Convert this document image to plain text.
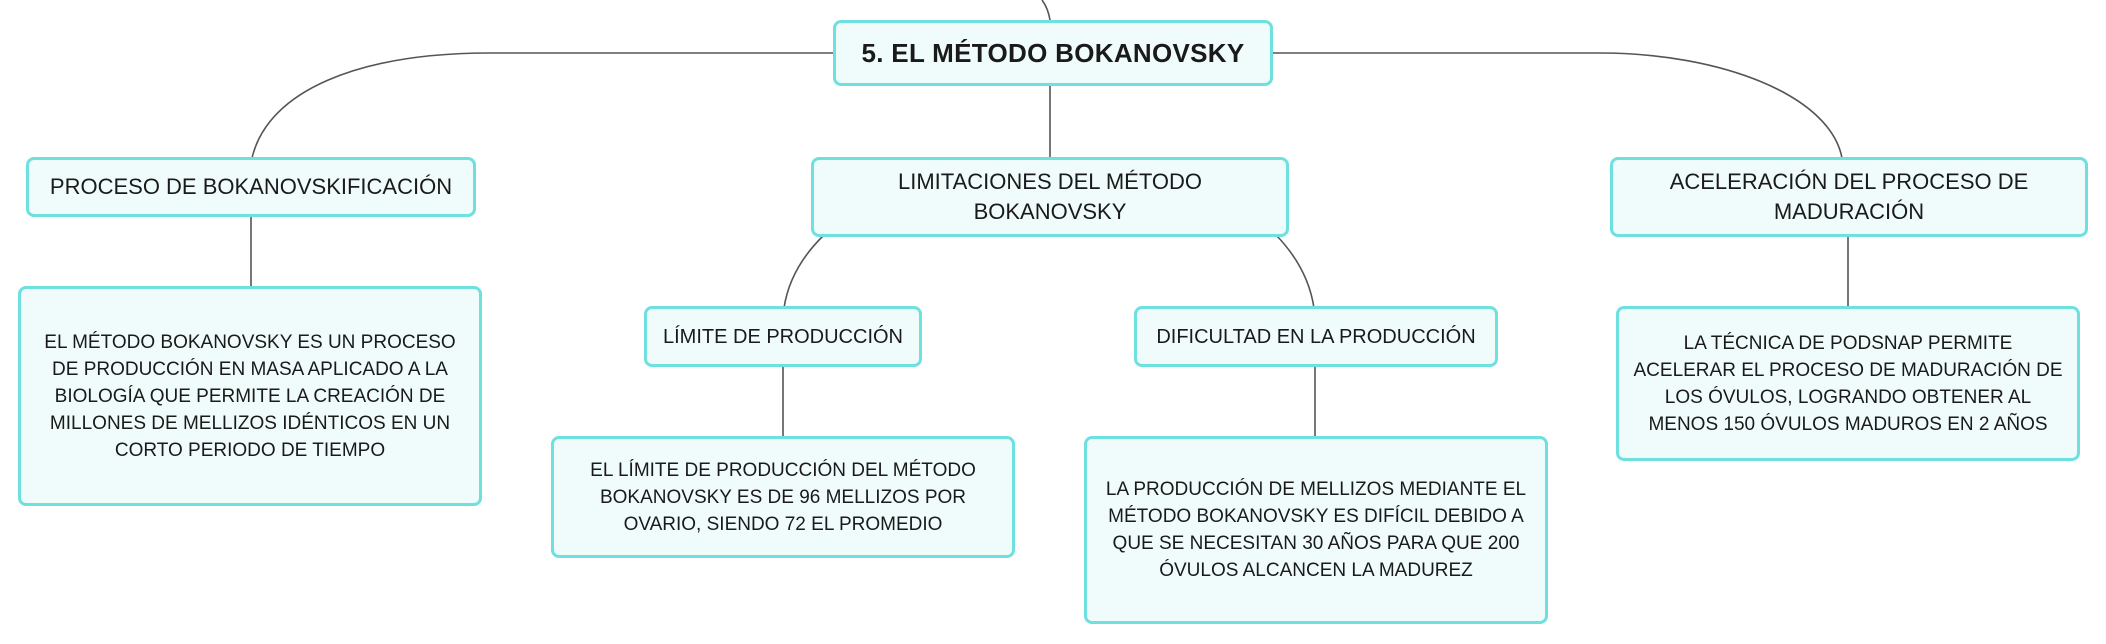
5. EL MÉTODO BOKANOVSKY
PROCESO DE BOKANOVSKIFICACIÓN	LIMITACIONES DEL MÉTODO BOKANOVSKY
ACELERACIÓN DEL PROCESO DE MADURACIÓN
EL MÉTODO BOKANOVSKY ES UN PROCESO DE PRODUCCIÓN EN MASA APLICADO A LA BIOLOGÍA QUE PERMITE LA CREACIÓN DE MILLONES DE MELLIZOS IDÉNTICOS EN UN CORTO PERIODO DE TIEMPO
LÍMITE DE PRODUCCIÓN	DIFICULTAD EN LA PRODUCCIÓN	LA TÉCNICA DE PODSNAP PERMITE ACELERAR EL PROCESO DE MADURACIÓN DE LOS ÓVULOS, LOGRANDO OBTENER AL MENOS 150 ÓVULOS MADUROS EN 2 AÑOS
EL LÍMITE DE PRODUCCIÓN DEL MÉTODO BOKANOVSKY ES DE 96 MELLIZOS POR OVARIO, SIENDO 72 EL PROMEDIO
LA PRODUCCIÓN DE MELLIZOS MEDIANTE EL MÉTODO BOKANOVSKY ES DIFÍCIL DEBIDO A QUE SE NECESITAN 30 AÑOS PARA QUE 200 ÓVULOS ALCANCEN LA MADUREZ
